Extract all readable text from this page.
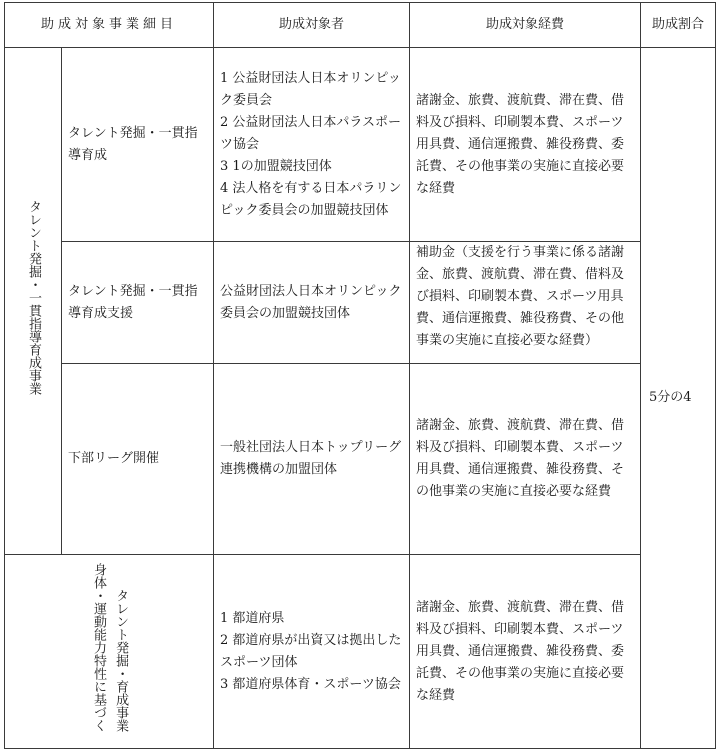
助成対象事業細目		助成対象者	助成対象経費	助成割合
タレント発掘・一貫指導育成事業	タレント発掘・一貫指導育成	1 公益財団法人日本オリンピック委員会
2 公益財団法人日本パラスポーツ協会
3 1の加盟競技団体
4 法人格を有する日本パラリンピック委員会の加盟競技団体	諸謝金、旅費、渡航費、滞在費、借料及び損料、印刷製本費、スポーツ用具費、通信運搬費、雑役務費、委託費、その他事業の実施に直接必要な経費	5分の4
	タレント発掘・一貫指導育成支援	公益財団法人日本オリンピック委員会の加盟競技団体	補助金（支援を行う事業に係る諸謝金、旅費、渡航費、滞在費、借料及び損料、印刷製本費、スポーツ用具費、通信運搬費、雑役務費、その他事業の実施に直接必要な経費）	
	下部リーグ開催	一般社団法人日本トップリーグ連携機構の加盟団体	諸謝金、旅費、渡航費、滞在費、借料及び損料、印刷製本費、スポーツ用具費、通信運搬費、雑役務費、その他事業の実施に直接必要な経費	
身体・運動能力特性に基づく タレント発掘・育成事業		1 都道府県
2 都道府県が出資又は拠出したスポーツ団体
3 都道府県体育・スポーツ協会	諸謝金、旅費、渡航費、滞在費、借料及び損料、印刷製本費、スポーツ用具費、通信運搬費、雑役務費、委託費、その他事業の実施に直接必要な経費	
